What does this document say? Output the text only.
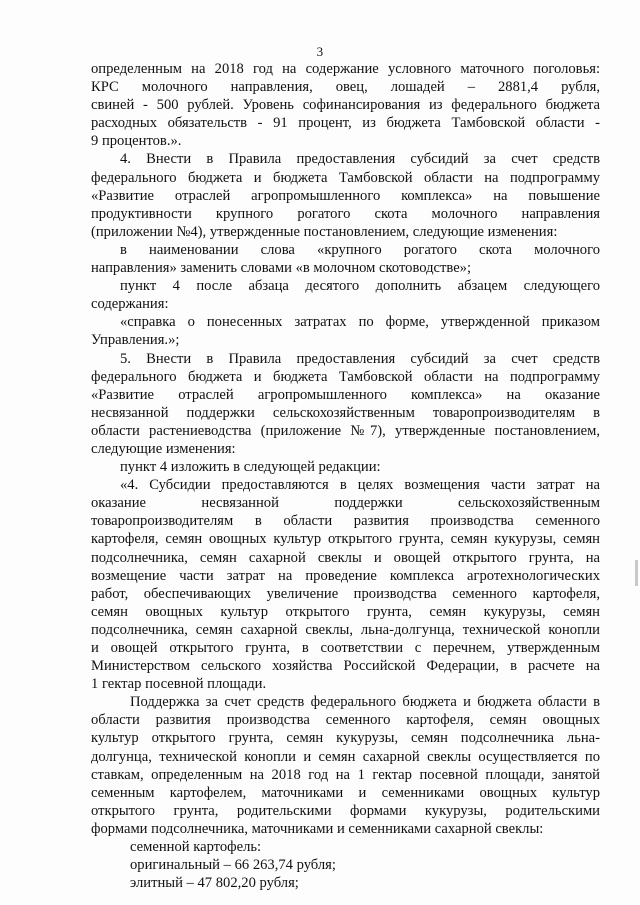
3
определенным на 2018 год на содержание условного маточного поголовья:
КРС молочного направления, овец, лошадей – 2881,4 рубля,
свиней - 500 рублей. Уровень софинансирования из федерального бюджета
расходных обязательств - 91 процент, из бюджета Тамбовской области -
9 процентов.».
4. Внести в Правила предоставления субсидий за счет средств
федерального бюджета и бюджета Тамбовской области на подпрограмму
«Развитие отраслей агропромышленного комплекса» на повышение
продуктивности крупного рогатого скота молочного направления
(приложении №4), утвержденные постановлением, следующие изменения:
в наименовании слова «крупного рогатого скота молочного
направления» заменить словами «в молочном скотоводстве»;
пункт 4 после абзаца десятого дополнить абзацем следующего
содержания:
«справка о понесенных затратах по форме, утвержденной приказом
Управления.»;
5. Внести в Правила предоставления субсидий за счет средств
федерального бюджета и бюджета Тамбовской области на подпрограмму
«Развитие отраслей агропромышленного комплекса» на оказание
несвязанной поддержки сельскохозяйственным товаропроизводителям в
области растениеводства (приложение №7), утвержденные постановлением,
следующие изменения:
пункт 4 изложить в следующей редакции:
«4. Субсидии предоставляются в целях возмещения части затрат на
оказание несвязанной поддержки сельскохозяйственным
товаропроизводителям в области развития производства семенного
картофеля, семян овощных культур открытого грунта, семян кукурузы, семян
подсолнечника, семян сахарной свеклы и овощей открытого грунта, на
возмещение части затрат на проведение комплекса агротехнологических
работ, обеспечивающих увеличение производства семенного картофеля,
семян овощных культур открытого грунта, семян кукурузы, семян
подсолнечника, семян сахарной свеклы, льна-долгунца, технической конопли
и овощей открытого грунта, в соответствии с перечнем, утвержденным
Министерством сельского хозяйства Российской Федерации, в расчете на
1 гектар посевной площади.
Поддержка за счет средств федерального бюджета и бюджета области в
области развития производства семенного картофеля, семян овощных
культур открытого грунта, семян кукурузы, семян подсолнечника льна-
долгунца, технической конопли и семян сахарной свеклы осуществляется по
ставкам, определенным на 2018 год на 1 гектар посевной площади, занятой
семенным картофелем, маточниками и семенниками овощных культур
открытого грунта, родительскими формами кукурузы, родительскими
формами подсолнечника, маточниками и семенниками сахарной свеклы:
семенной картофель:
оригинальный – 66 263,74 рубля;
элитный – 47 802,20 рубля;
